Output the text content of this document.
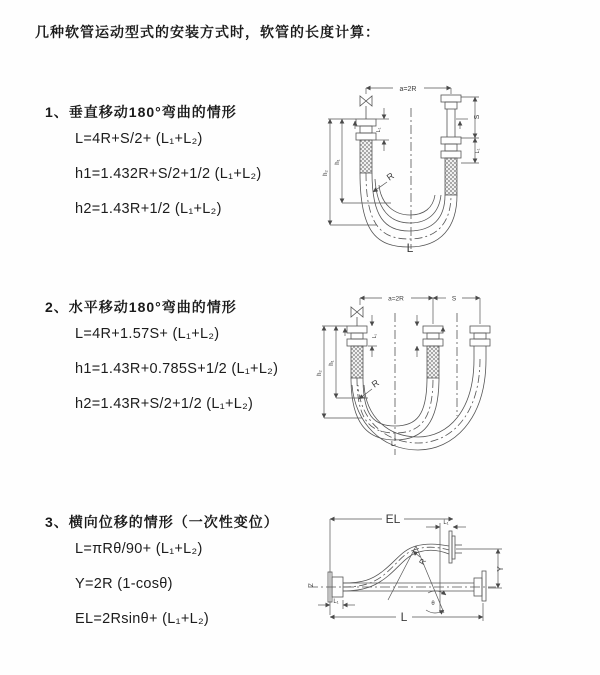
几种软管运动型式的安装方式时，软管的长度计算：
1、垂直移动180°弯曲的情形
L=4R+S/2+ (L₁+L₂)
h1=1.432R+S/2+1/2 (L₁+L₂)
h2=1.43R+1/2 (L₁+L₂)
2、水平移动180°弯曲的情形
L=4R+1.57S+ (L₁+L₂)
h1=1.43R+0.785S+1/2 (L₁+L₂)
h2=1.43R+S/2+1/2 (L₁+L₂)
3、横向位移的情形（一次性变位）
L=πRθ/90+ (L₁+L₂)
Y=2R (1-cosθ)
EL=2Rsinθ+ (L₁+L₂)
a=2R
L₁
S
L₁
h₁
h₂	R
L
a=2R	S
L₁
h₁
h₂
R
L
EL	L₁
Y
R
θ
L₁
L
Z
